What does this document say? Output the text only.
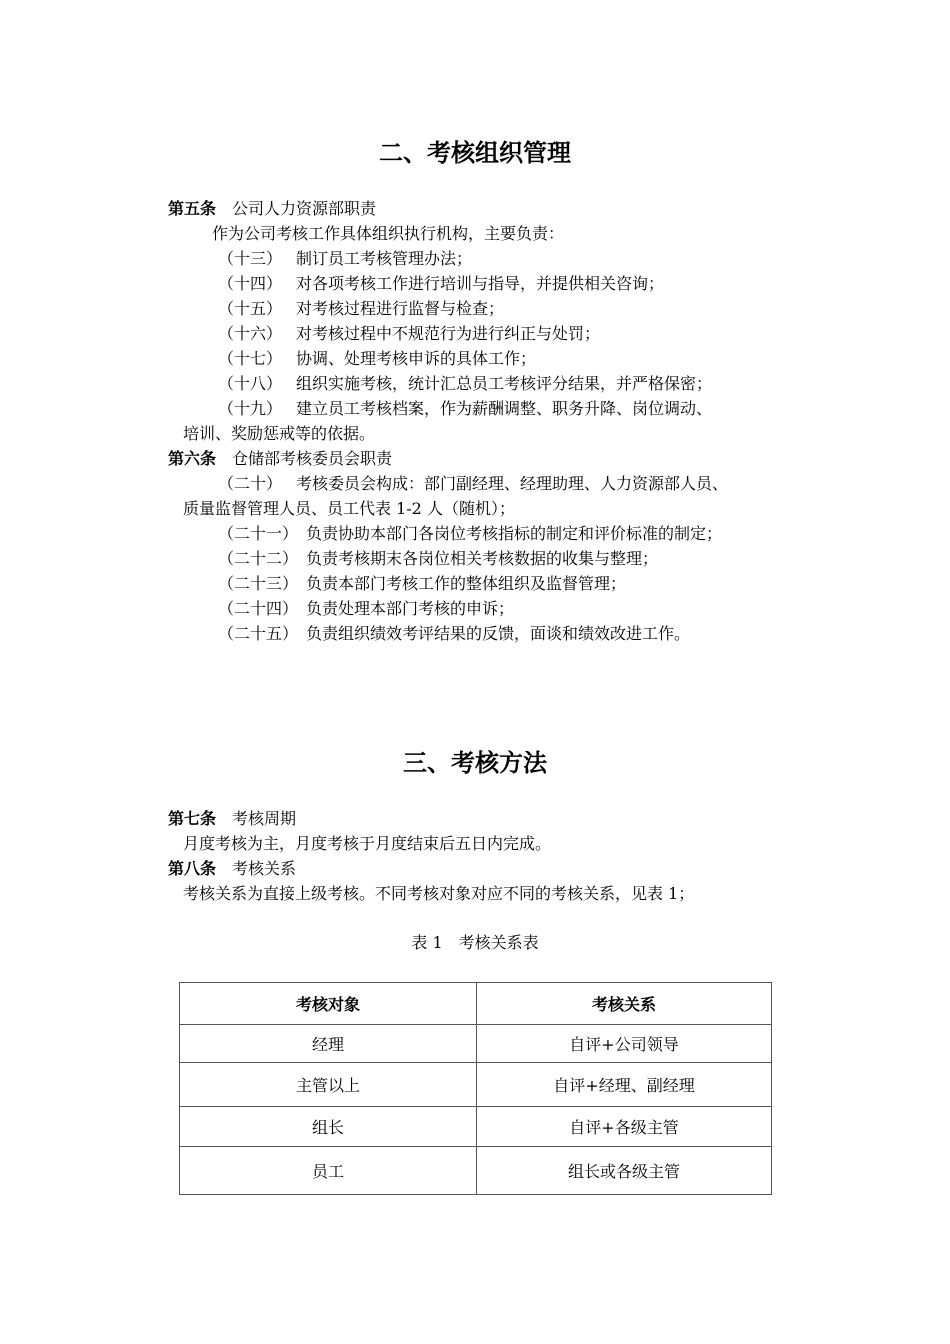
二、考核组织管理
第五条 公司人力资源部职责
作为公司考核工作具体组织执行机构，主要负责：
（十三） 制订员工考核管理办法；
（十四） 对各项考核工作进行培训与指导，并提供相关咨询；
（十五） 对考核过程进行监督与检查；
（十六） 对考核过程中不规范行为进行纠正与处罚；
（十七） 协调、处理考核申诉的具体工作；
（十八） 组织实施考核，统计汇总员工考核评分结果，并严格保密；
（十九） 建立员工考核档案，作为薪酬调整、职务升降、岗位调动、
培训、奖励惩戒等的依据。
第六条 仓储部考核委员会职责
（二十） 考核委员会构成：部门副经理、经理助理、人力资源部人员、
质量监督管理人员、员工代表 1-2 人（随机）；
（二十一） 负责协助本部门各岗位考核指标的制定和评价标准的制定；
（二十二） 负责考核期末各岗位相关考核数据的收集与整理；
（二十三） 负责本部门考核工作的整体组织及监督管理；
（二十四） 负责处理本部门考核的申诉；
（二十五） 负责组织绩效考评结果的反馈，面谈和绩效改进工作。
三、考核方法
第七条 考核周期
月度考核为主，月度考核于月度结束后五日内完成。
第八条 考核关系
考核关系为直接上级考核。不同考核对象对应不同的考核关系，见表 1；
表 1　考核关系表
考核对象	考核关系
经理	自评+公司领导
主管以上	自评+经理、副经理
组长	自评+各级主管
员工	组长或各级主管
